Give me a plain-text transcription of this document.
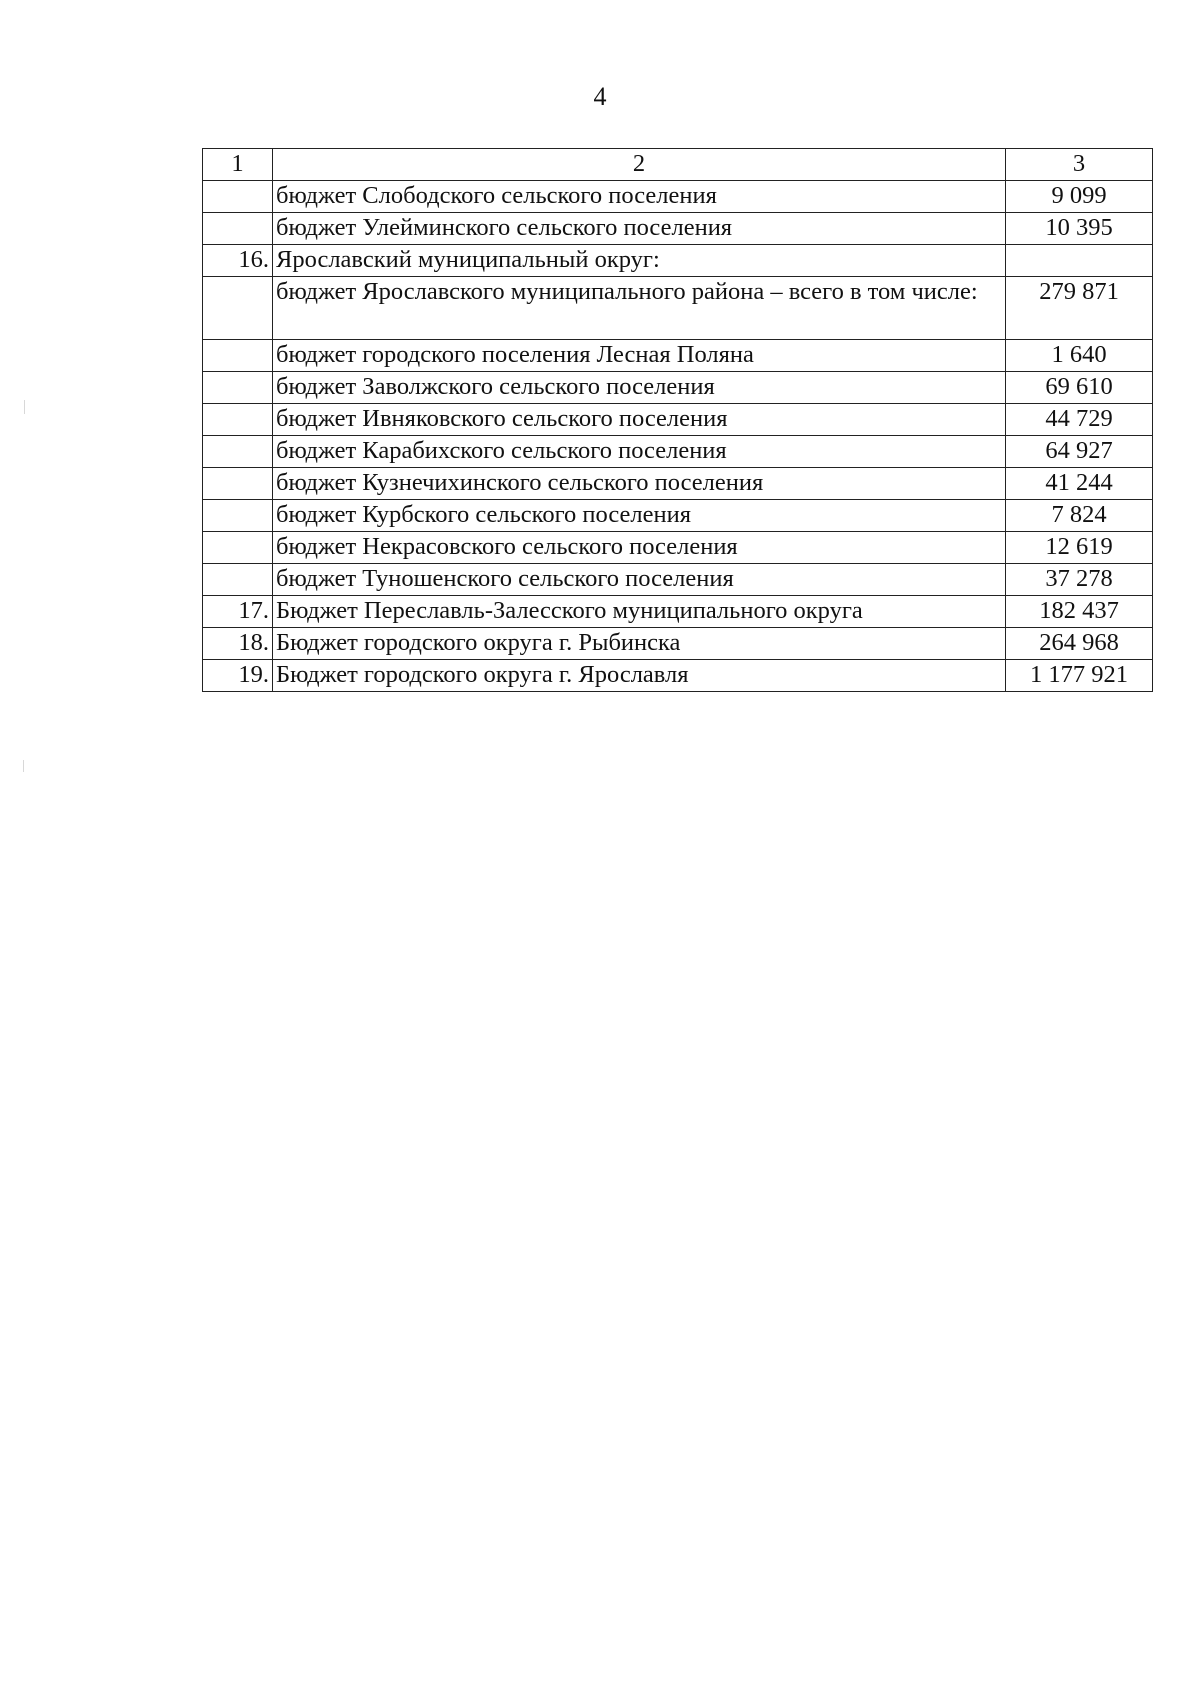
4
1	2	3
	бюджет Слободского сельского поселения	9 099
	бюджет Улейминского сельского поселения	10 395
16.	Ярославский муниципальный округ:	
	бюджет Ярославского муниципального района – всего в том числе:	279 871
	бюджет городского поселения Лесная Поляна	1 640
	бюджет Заволжского сельского поселения	69 610
	бюджет Ивняковского сельского поселения	44 729
	бюджет Карабихского сельского поселения	64 927
	бюджет Кузнечихинского сельского поселения	41 244
	бюджет Курбского сельского поселения	7 824
	бюджет Некрасовского сельского поселения	12 619
	бюджет Туношенского сельского поселения	37 278
17.	Бюджет Переславль-Залесского муниципального округа	182 437
18.	Бюджет городского округа г. Рыбинска	264 968
19.	Бюджет городского округа г. Ярославля	1 177 921
